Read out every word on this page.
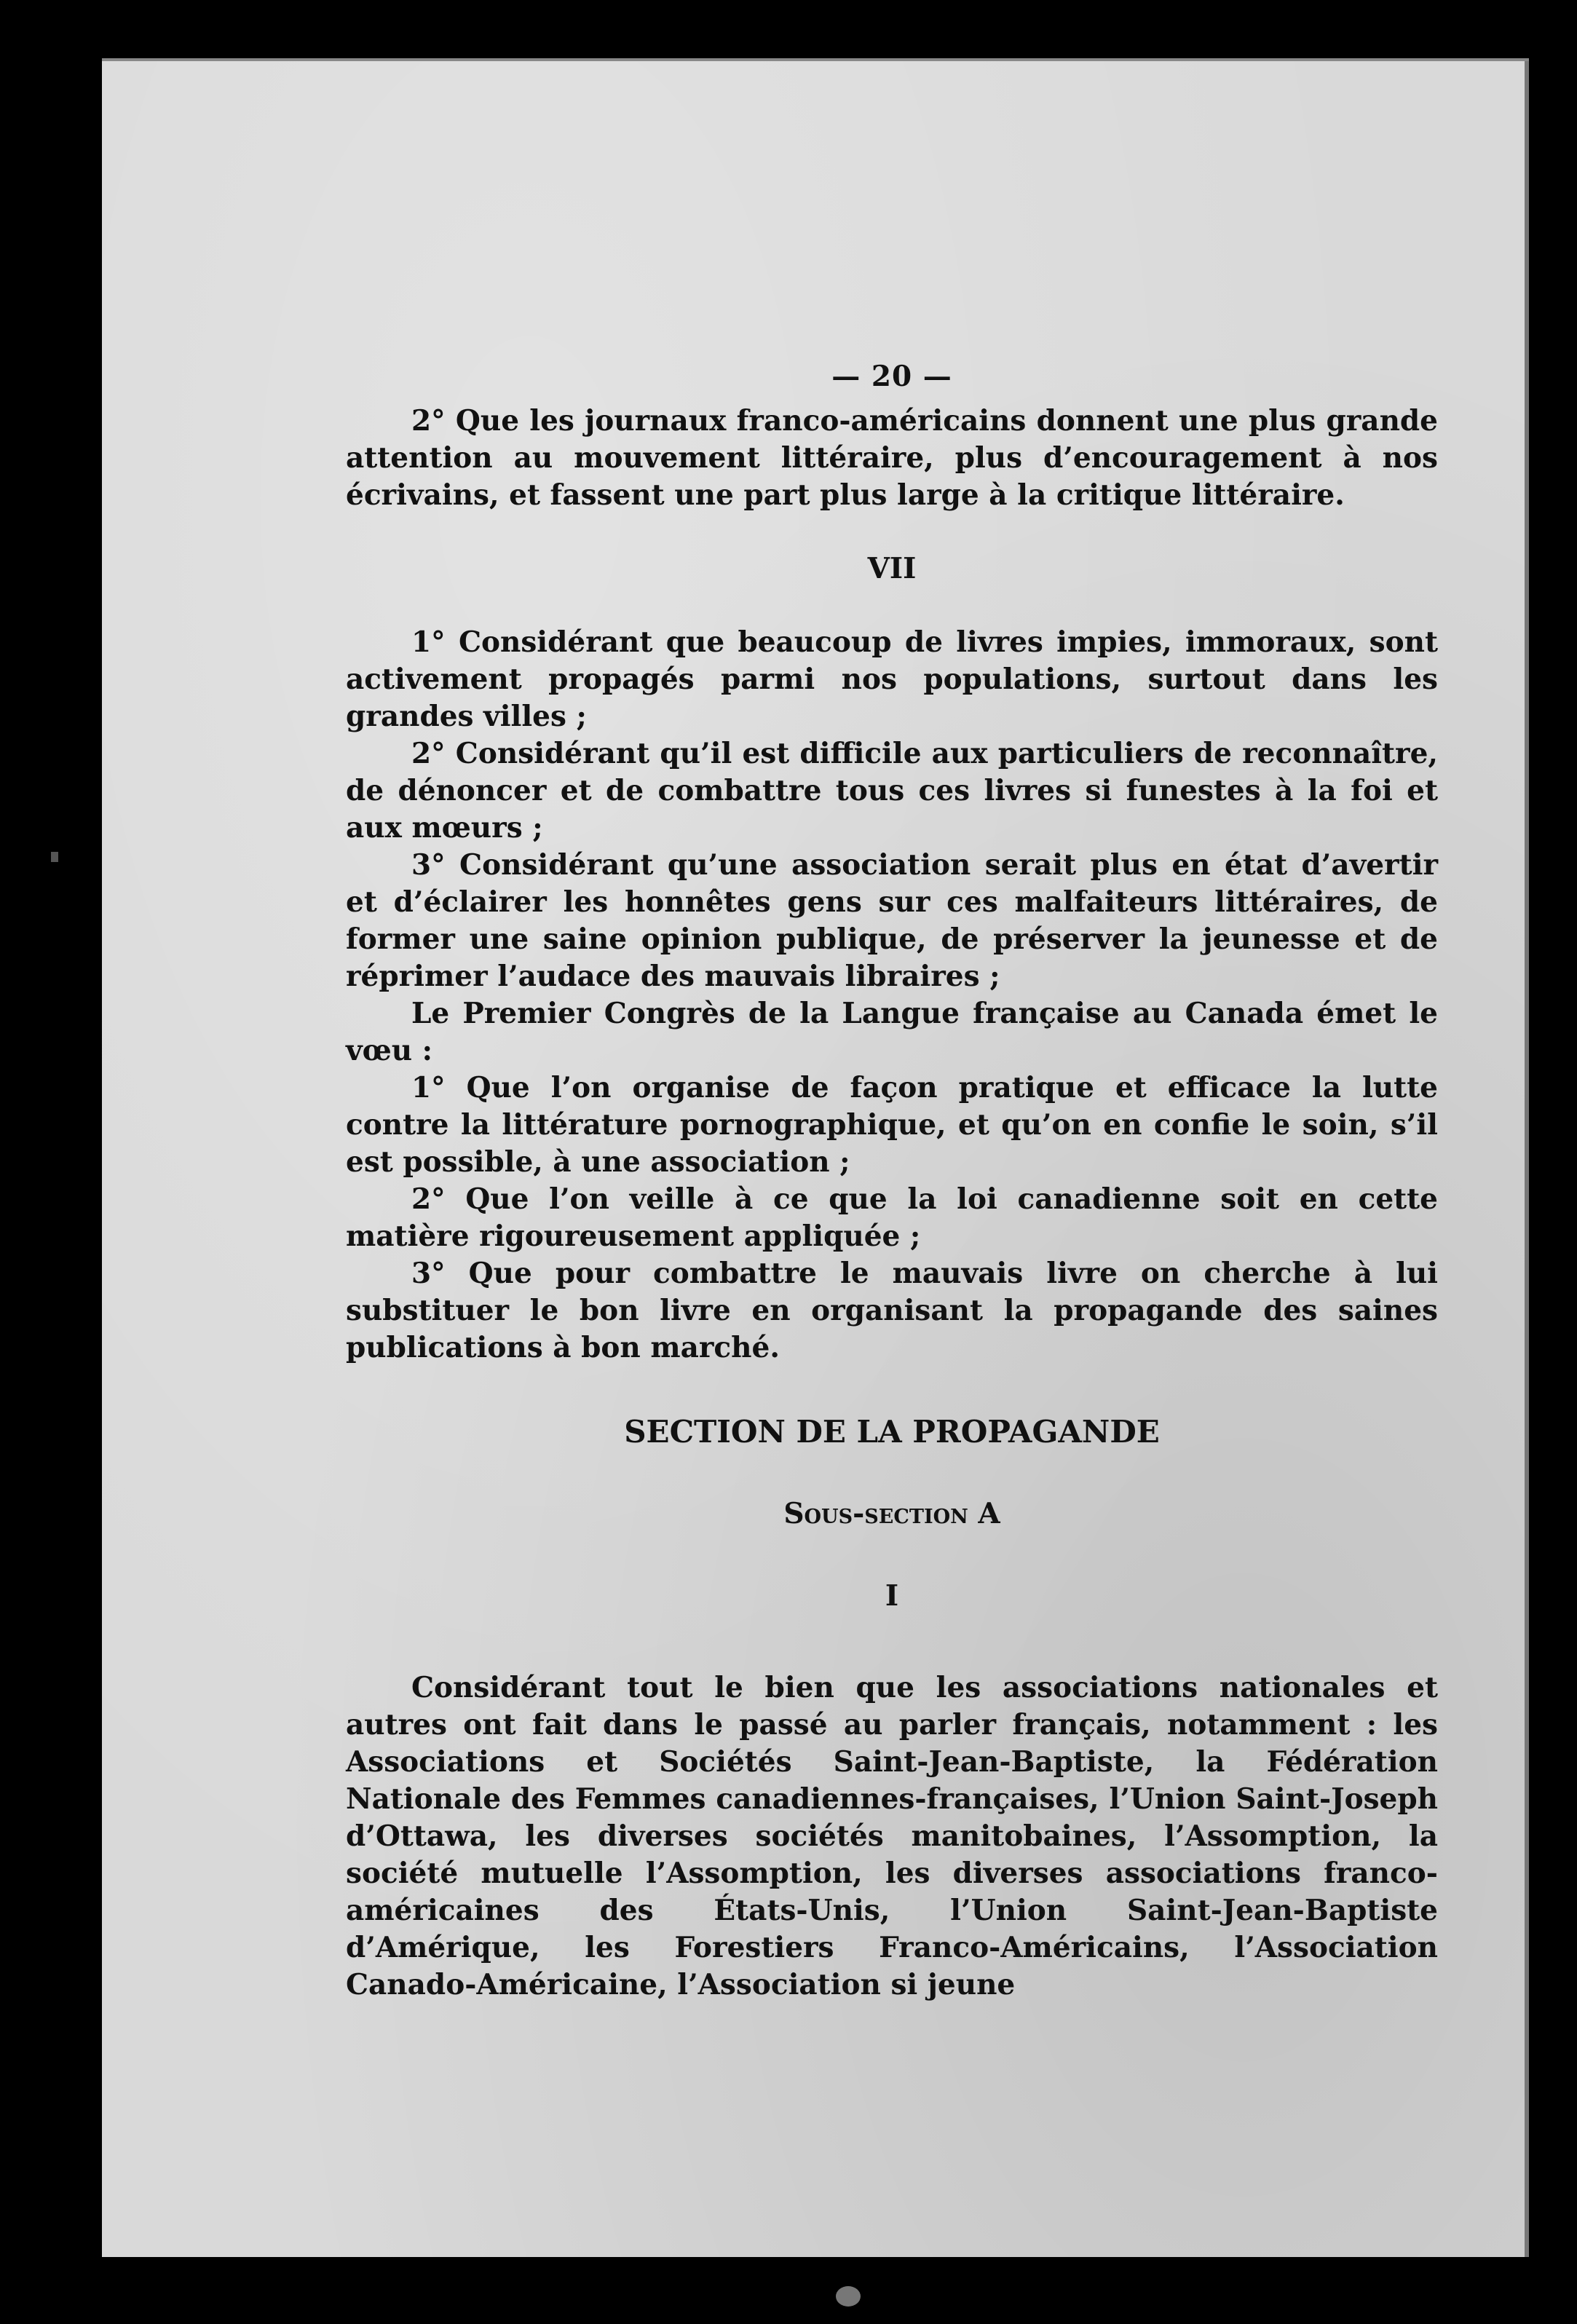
— 20 —

2° Que les journaux franco-américains donnent une plus grande attention au mouvement littéraire, plus d’encouragement à nos écrivains, et fassent une part plus large à la critique littéraire.

VII

1° Considérant que beaucoup de livres impies, immoraux, sont activement propagés parmi nos populations, surtout dans les grandes villes ;

2° Considérant qu’il est difficile aux particuliers de reconnaître, de dénoncer et de combattre tous ces livres si funestes à la foi et aux mœurs ;

3° Considérant qu’une association serait plus en état d’avertir et d’éclairer les honnêtes gens sur ces malfaiteurs littéraires, de former une saine opinion publique, de préserver la jeunesse et de réprimer l’audace des mauvais libraires ;

Le Premier Congrès de la Langue française au Canada émet le vœu :

1° Que l’on organise de façon pratique et efficace la lutte contre la littérature pornographique, et qu’on en confie le soin, s’il est possible, à une association ;

2° Que l’on veille à ce que la loi canadienne soit en cette matière rigoureusement appliquée ;

3° Que pour combattre le mauvais livre on cherche à lui substituer le bon livre en organisant la propagande des saines publications à bon marché.

SECTION DE LA PROPAGANDE
Sous-section A
I

Considérant tout le bien que les associations nationales et autres ont fait dans le passé au parler français, notamment : les Associations et Sociétés Saint-Jean-Baptiste, la Fédération Nationale des Femmes canadiennes-françaises, l’Union Saint-Joseph d’Ottawa, les diverses sociétés manitobaines, l’Assomption, la société mutuelle l’Assomption, les diverses associations franco-américaines des États-Unis, l’Union Saint-Jean-Baptiste d’Amérique, les Forestiers Franco-Américains, l’Association Canado-Américaine, l’Association si jeune
